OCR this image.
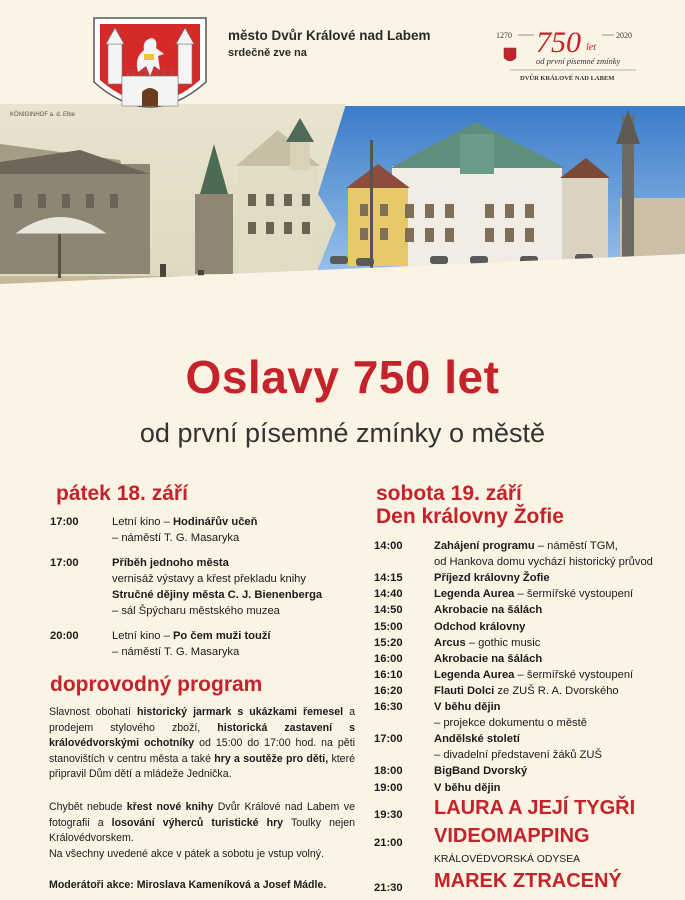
město Dvůr Králové nad Labem
srdečně zve na
1270 750 let
2020
od první písemné zmínky
DVŮR KRÁLOVÉ NAD LABEM
KÖNIGINHOF a. d. Elbe
Oslavy 750 let
od první písemné zmínky o městě
pátek 18. září
17:00	Letní kino – Hodinářův učeň
– náměstí T. G. Masaryka
17:00	Příběh jednoho města
vernisáž výstavy a křest překladu knihy
Stručné dějiny města C. J. Bienenberga
– sál Špýcharu městského muzea
20:00	Letní kino – Po čem muži touží
– náměstí T. G. Masaryka
doprovodný program
Slavnost obohatí historický jarmark s ukázkami řemesel a prodejem stylového zboží, historická zastavení s královédvorskými ochotníky od 15:00 do 17:00 hod. na pěti stanovištích v centru města a také hry a soutěže pro děti, které připravil Dům dětí a mládeže Jednička.
Chybět nebude křest nové knihy Dvůr Králové nad Labem ve fotografii a losování výherců turistické hry Toulky nejen Královédvorskem.
Na všechny uvedené akce v pátek a sobotu je vstup volný.
Moderátoři akce: Miroslava Kameníková a Josef Mádle.
sobota 19. září
Den královny Žofie
14:00	Zahájení programu – náměstí TGM,
od Hankova domu vychází historický průvod
14:15	Příjezd královny Žofie
14:40	Legenda Aurea – šermířské vystoupení
14:50	Akrobacie na šálách
15:00	Odchod královny
15:20	Arcus – gothic music
16:00	Akrobacie na šálách
16:10	Legenda Aurea – šermířské vystoupení
16:20	Flauti Dolci ze ZUŠ R. A. Dvorského
16:30	V běhu dějin
– projekce dokumentu o městě
17:00	Andělské století
– divadelní představení žáků ZUŠ
18:00	BigBand Dvorský
19:00	V běhu dějin
19:30 LAURA A JEJÍ TYGŘI
21:00 VIDEOMAPPING
KRÁLOVÉDVORSKÁ ODYSEA
21:30 MAREK ZTRACENÝ
